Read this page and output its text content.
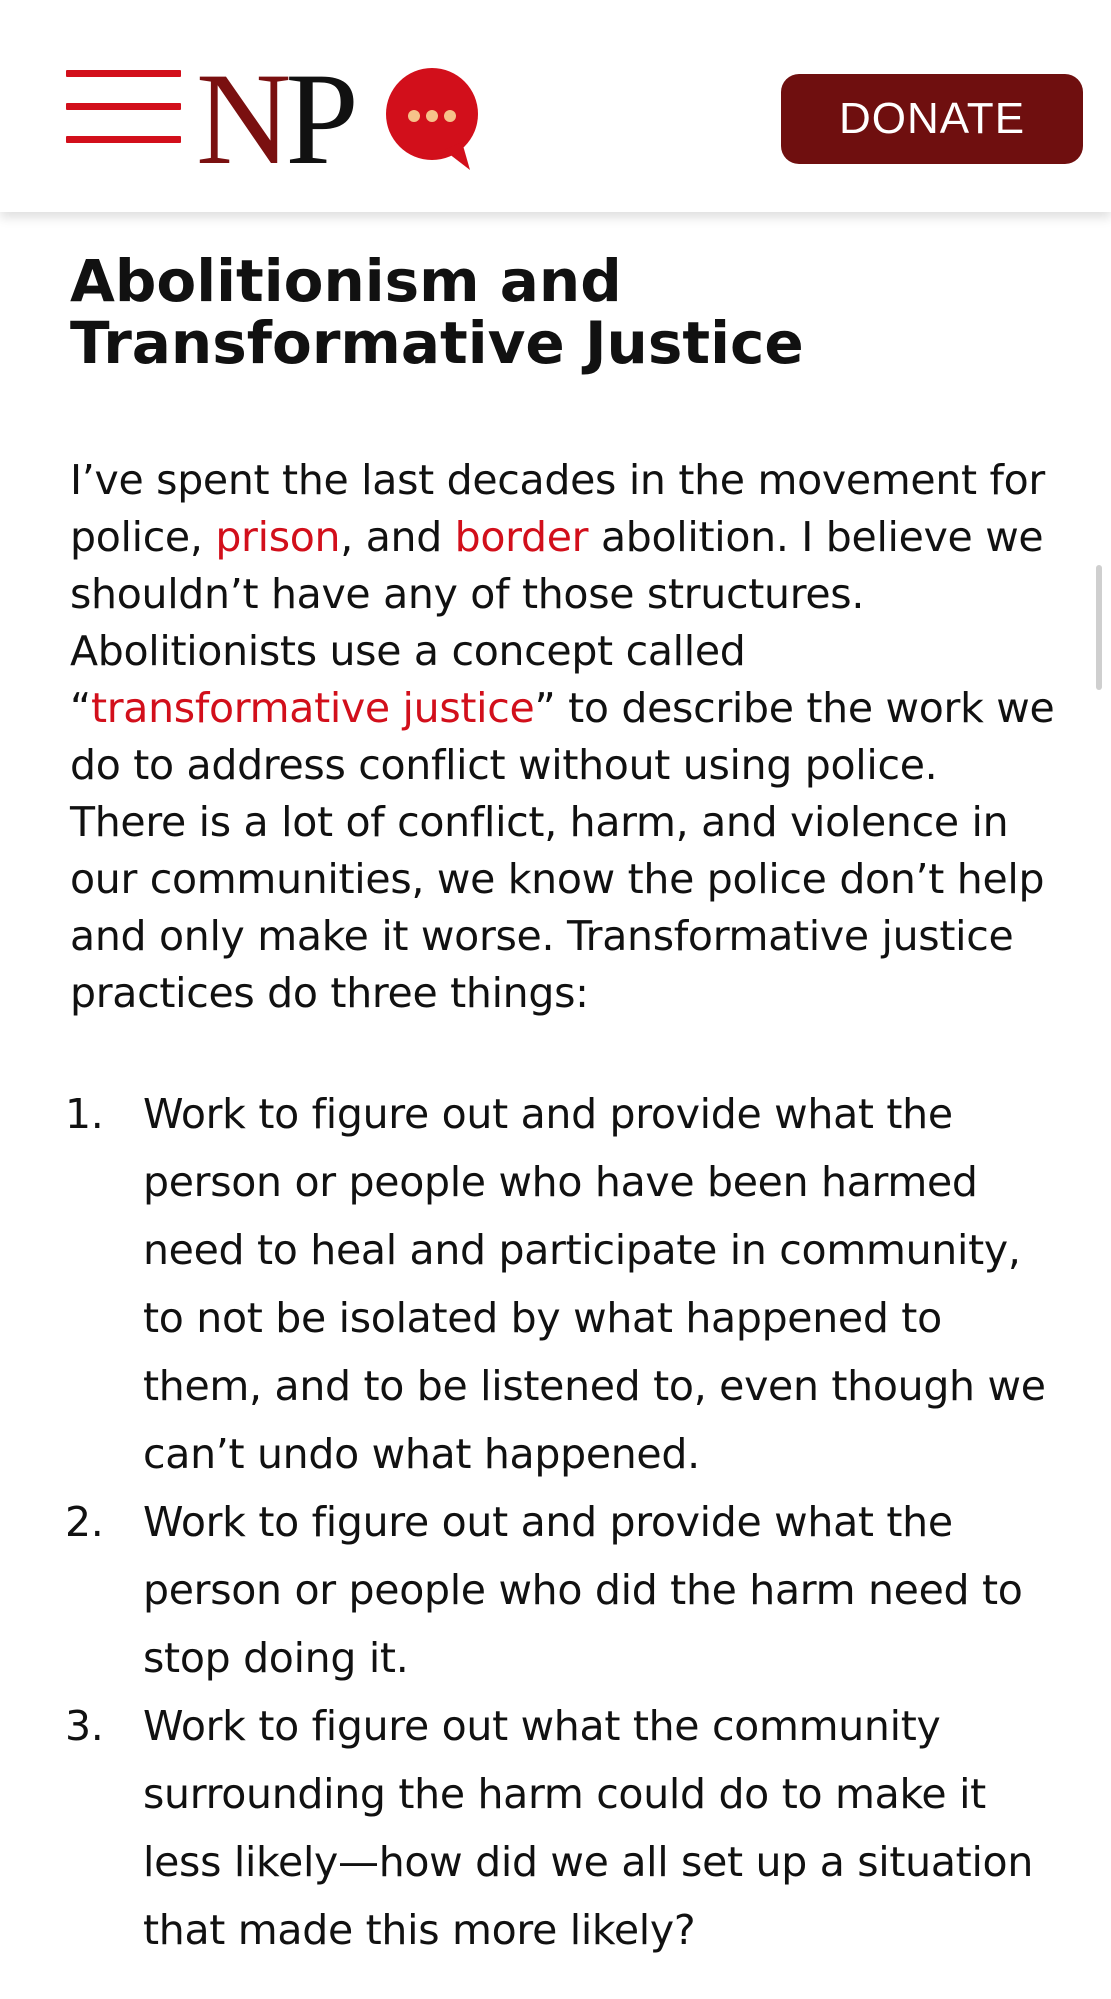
NP	DONATE
Abolitionism and Transformative Justice

I’ve spent the last decades in the movement for police, prison, and border abolition. I believe we shouldn’t have any of those structures. Abolitionists use a concept called “transformative justice” to describe the work we do to address conflict without using police. There is a lot of conflict, harm, and violence in our communities, we know the police don’t help and only make it worse. Transformative justice practices do three things:

1. Work to figure out and provide what the person or people who have been harmed need to heal and participate in community, to not be isolated by what happened to them, and to be listened to, even though we can’t undo what happened.
2. Work to figure out and provide what the person or people who did the harm need to stop doing it.
3. Work to figure out what the community surrounding the harm could do to make it less likely—how did we all set up a situation that made this more likely?
